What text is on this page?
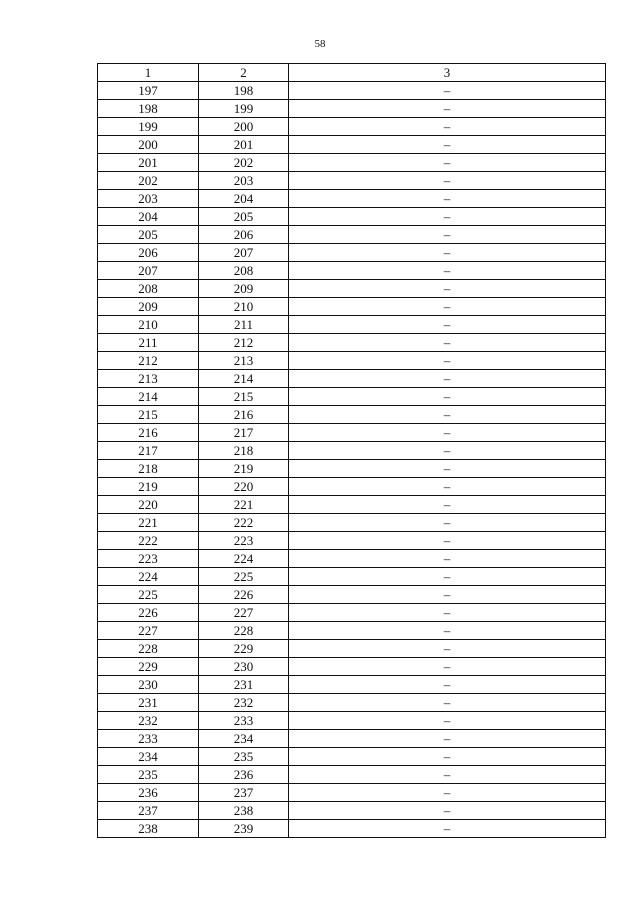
58
1	2	3
197	198	–
198	199	–
199	200	–
200	201	–
201	202	–
202	203	–
203	204	–
204	205	–
205	206	–
206	207	–
207	208	–
208	209	–
209	210	–
210	211	–
211	212	–
212	213	–
213	214	–
214	215	–
215	216	–
216	217	–
217	218	–
218	219	–
219	220	–
220	221	–
221	222	–
222	223	–
223	224	–
224	225	–
225	226	–
226	227	–
227	228	–
228	229	–
229	230	–
230	231	–
231	232	–
232	233	–
233	234	–
234	235	–
235	236	–
236	237	–
237	238	–
238	239	–
